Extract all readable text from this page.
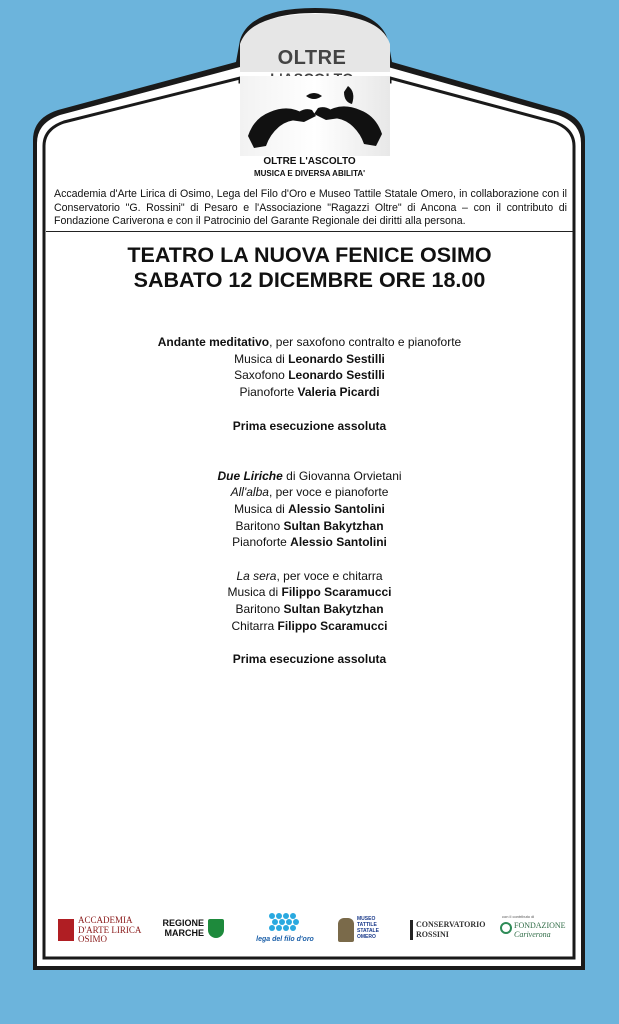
OLTRE
OLTRE L'ASCOLTO
MUSICA E DIVERSA ABILITA'
Accademia d'Arte Lirica di Osimo, Lega del Filo d'Oro e Museo Tattile Statale Omero, in collaborazione con il Conservatorio "G. Rossini" di Pesaro e l'Associazione "Ragazzi Oltre" di Ancona – con il contributo di Fondazione Cariverona e con il Patrocinio del Garante Regionale dei diritti alla persona.
TEATRO LA NUOVA FENICE OSIMO
SABATO 12 DICEMBRE ORE 18.00

Andante meditativo, per saxofono contralto e pianoforte

Musica di Leonardo Sestilli

Saxofono Leonardo Sestilli

Pianoforte Valeria Picardi

Prima esecuzione assoluta

Due Liriche di Giovanna Orvietani

All'alba, per voce e pianoforte

Musica di Alessio Santolini

Baritono Sultan Bakytzhan

Pianoforte Alessio Santolini

La sera, per voce e chitarra

Musica di Filippo Scaramucci

Baritono Sultan Bakytzhan

Chitarra Filippo Scaramucci

Prima esecuzione assoluta

ACCADEMIA
D'ARTE LIRICA
OSIMO
REGIONE
MARCHE
lega del filo d'oro
MUSEO TATTILE STATALE OMERO
CONSERVATORIO
ROSSINI
con il contributo di
FONDAZIONE
Cariverona
